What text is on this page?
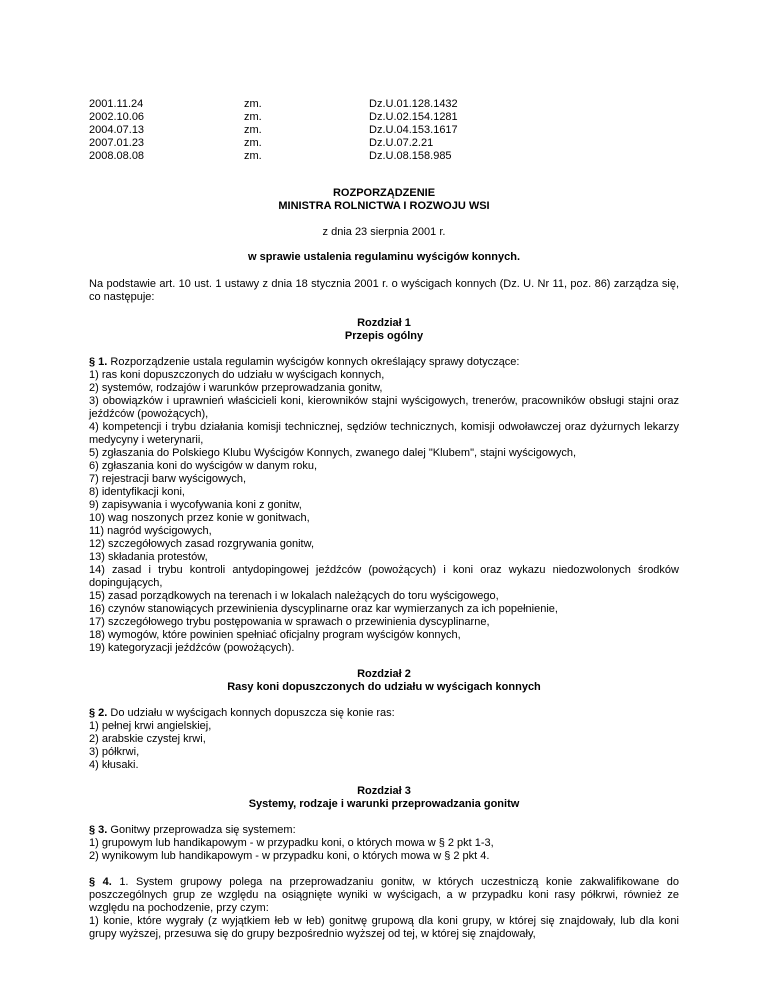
2001.11.24
2002.10.06
2004.07.13
2007.01.23
2008.08.08
zm.
zm.
zm.
zm.
zm.
Dz.U.01.128.1432
Dz.U.02.154.1281
Dz.U.04.153.1617
Dz.U.07.2.21
Dz.U.08.158.985
ROZPORZĄDZENIE
MINISTRA ROLNICTWA I ROZWOJU WSI
z dnia 23 sierpnia 2001 r.
w sprawie ustalenia regulaminu wyścigów konnych.
Na podstawie art. 10 ust. 1 ustawy z dnia 18 stycznia 2001 r. o wyścigach konnych (Dz. U. Nr 11, poz. 86) zarządza się, co następuje:
Rozdział 1
Przepis ogólny
§ 1. Rozporządzenie ustala regulamin wyścigów konnych określający sprawy dotyczące:
1) ras koni dopuszczonych do udziału w wyścigach konnych,
2) systemów, rodzajów i warunków przeprowadzania gonitw,
3) obowiązków i uprawnień właścicieli koni, kierowników stajni wyścigowych, trenerów, pracowników obsługi stajni oraz jeźdźców (powożących),
4) kompetencji i trybu działania komisji technicznej, sędziów technicznych, komisji odwoławczej oraz dyżurnych lekarzy medycyny i weterynarii,
5) zgłaszania do Polskiego Klubu Wyścigów Konnych, zwanego dalej "Klubem", stajni wyścigowych,
6) zgłaszania koni do wyścigów w danym roku,
7) rejestracji barw wyścigowych,
8) identyfikacji koni,
9) zapisywania i wycofywania koni z gonitw,
10) wag noszonych przez konie w gonitwach,
11) nagród wyścigowych,
12) szczegółowych zasad rozgrywania gonitw,
13) składania protestów,
14) zasad i trybu kontroli antydopingowej jeźdźców (powożących) i koni oraz wykazu niedozwolonych środków dopingujących,
15) zasad porządkowych na terenach i w lokalach należących do toru wyścigowego,
16) czynów stanowiących przewinienia dyscyplinarne oraz kar wymierzanych za ich popełnienie,
17) szczegółowego trybu postępowania w sprawach o przewinienia dyscyplinarne,
18) wymogów, które powinien spełniać oficjalny program wyścigów konnych,
19) kategoryzacji jeźdźców (powożących).
Rozdział 2
Rasy koni dopuszczonych do udziału w wyścigach konnych
§ 2. Do udziału w wyścigach konnych dopuszcza się konie ras:
1) pełnej krwi angielskiej,
2) arabskie czystej krwi,
3) półkrwi,
4) kłusaki.
Rozdział 3
Systemy, rodzaje i warunki przeprowadzania gonitw
§ 3. Gonitwy przeprowadza się systemem:
1) grupowym lub handikapowym - w przypadku koni, o których mowa w § 2 pkt 1-3,
2) wynikowym lub handikapowym - w przypadku koni, o których mowa w § 2 pkt 4.
§ 4. 1. System grupowy polega na przeprowadzaniu gonitw, w których uczestniczą konie zakwalifikowane do poszczególnych grup ze względu na osiągnięte wyniki w wyścigach, a w przypadku koni rasy półkrwi, również ze względu na pochodzenie, przy czym:
1) konie, które wygrały (z wyjątkiem łeb w łeb) gonitwę grupową dla koni grupy, w której się znajdowały, lub dla koni grupy wyższej, przesuwa się do grupy bezpośrednio wyższej od tej, w której się znajdowały,
